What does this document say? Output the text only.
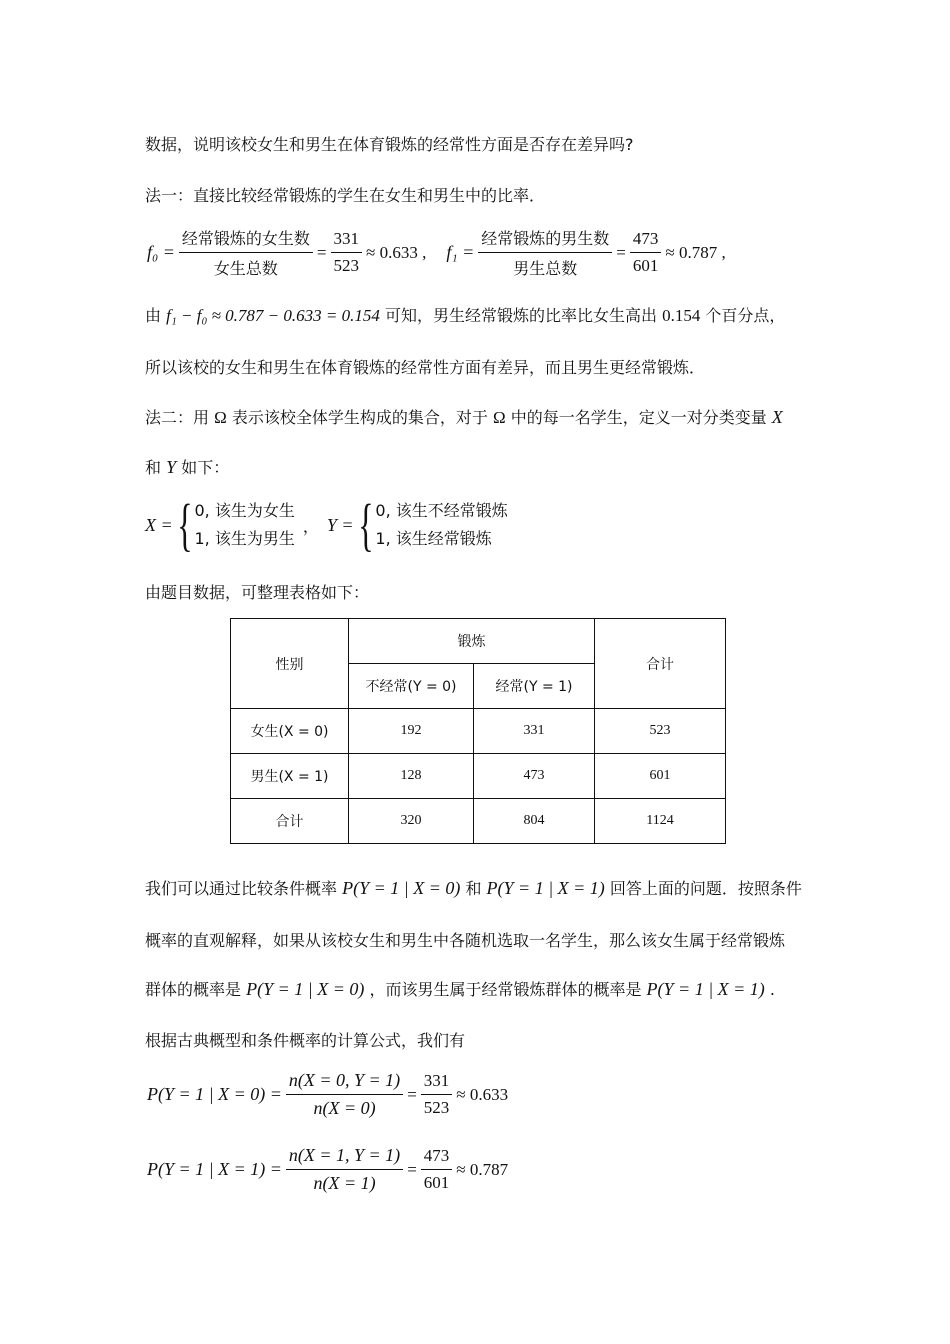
数据，说明该校女生和男生在体育锻炼的经常性方面是否存在差异吗?
法一：直接比较经常锻炼的学生在女生和男生中的比率．
$f_0 = \frac{\text{经常锻炼的女生数}}{\text{女生总数}} = \frac{331}{523} \approx 0.633$ , $f_1 = \frac{\text{经常锻炼的男生数}}{\text{男生总数}} = \frac{473}{601} \approx 0.787$ ,
由 f₁ − f₀ ≈ 0.787 − 0.633 = 0.154 可知，男生经常锻炼的比率比女生高出 0.154 个百分点，
所以该校的女生和男生在体育锻炼的经常性方面有差异，而且男生更经常锻炼．
法二：用 Ω 表示该校全体学生构成的集合，对于 Ω 中的每一名学生，定义一对分类变量 X
和 Y 如下：
X = { 0, 该生为女生
1, 该生为男生
， Y = { 0, 该生不经常锻炼
1, 该生经常锻炼
由题目数据，可整理表格如下：
性别	锻炼		合计
	不经常(Y = 0)	经常(Y = 1)	
女生(X = 0)	192	331	523
男生(X = 1)	128	473	601
合计	320	804	1124
我们可以通过比较条件概率 P(Y = 1 | X = 0) 和 P(Y = 1 | X = 1) 回答上面的问题．按照条件
概率的直观解释，如果从该校女生和男生中各随机选取一名学生，那么该女生属于经常锻炼
群体的概率是 P(Y = 1 | X = 0) ，而该男生属于经常锻炼群体的概率是 P(Y = 1 | X = 1) .
根据古典概型和条件概率的计算公式，我们有
P(Y = 1 | $X = 0) = \frac{n(X = 0, Y = 1)}{n(X = 0)} = \frac{331}{523} \approx 0.633$
P(Y = 1 | $X = 1) = \frac{n(X = 1, Y = 1)}{n(X = 1)} = \frac{473}{601} \approx 0.787$
